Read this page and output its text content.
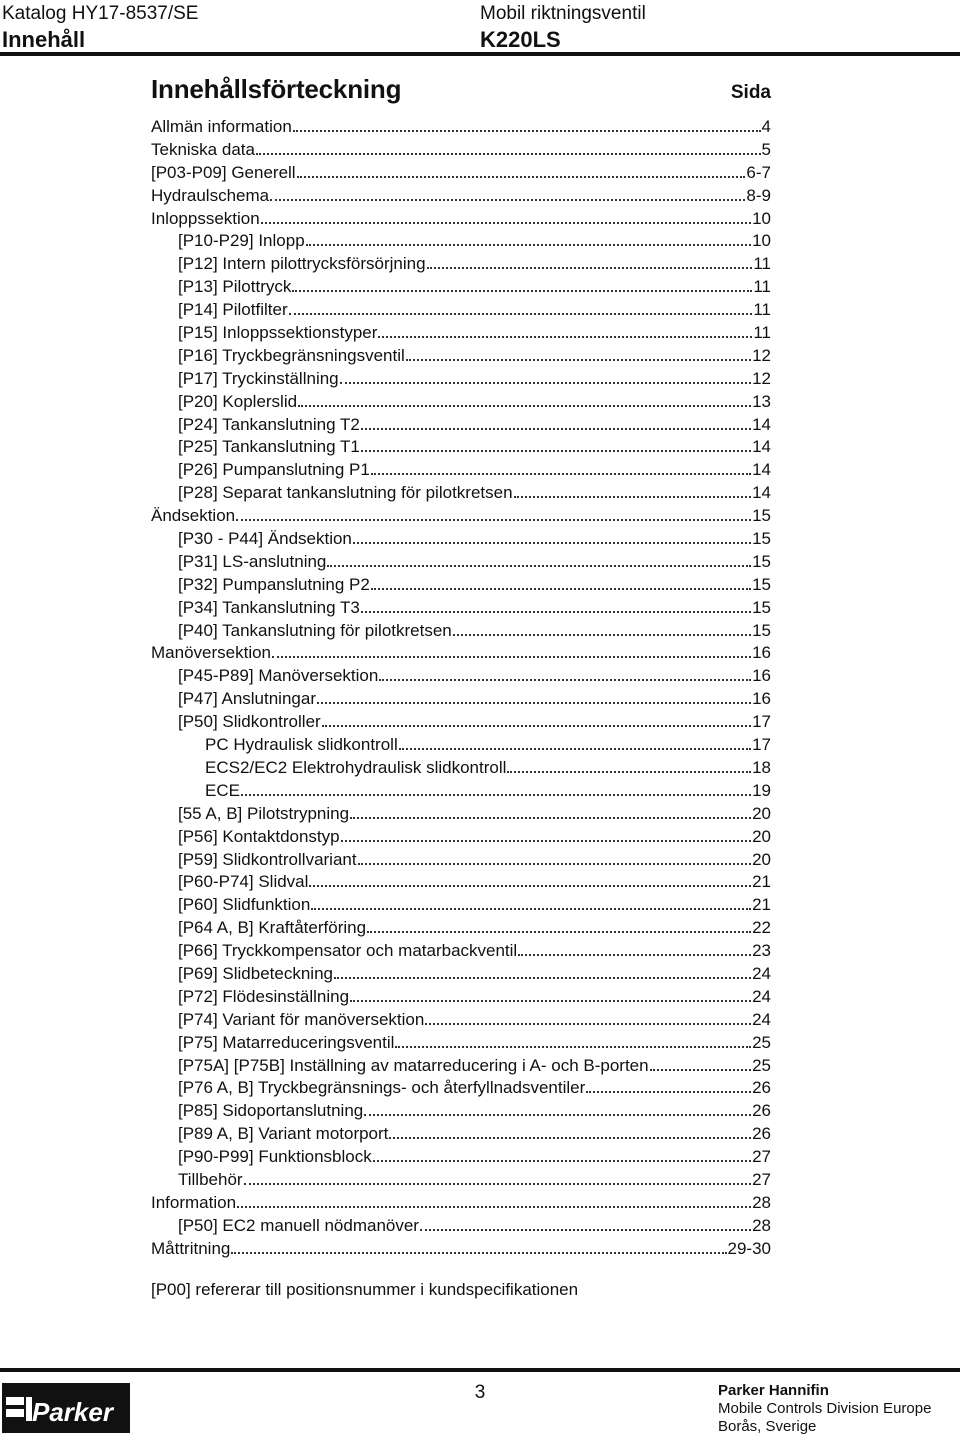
Katalog HY17-8537/SE
Innehåll
Mobil riktningsventil
K220LS
Innehållsförteckning	Sida
Allmän information	4
Tekniska data	5
[P03-P09] Generell	6-7
Hydraulschema	8-9
Inloppssektion	10
[P10-P29] Inlopp	10
[P12] Intern pilottrycksförsörjning	11
[P13] Pilottryck	11
[P14] Pilotfilter	11
[P15] Inloppssektionstyper	11
[P16] Tryckbegränsningsventil	12
[P17] Tryckinställning	12
[P20] Koplerslid	13
[P24] Tankanslutning T2	14
[P25] Tankanslutning T1	14
[P26] Pumpanslutning P1	14
[P28] Separat tankanslutning för pilotkretsen	14
Ändsektion	15
[P30 - P44] Ändsektion	15
[P31] LS-anslutning	15
[P32] Pumpanslutning P2	15
[P34] Tankanslutning T3	15
[P40] Tankanslutning för pilotkretsen	15
Manöversektion	16
[P45-P89] Manöversektion	16
[P47] Anslutningar	16
[P50] Slidkontroller	17
PC Hydraulisk slidkontroll	17
ECS2/EC2 Elektrohydraulisk slidkontroll	18
ECE	19
[55 A, B] Pilotstrypning	20
[P56] Kontaktdonstyp	20
[P59] Slidkontrollvariant	20
[P60-P74] Slidval	21
[P60] Slidfunktion	21
[P64 A, B] Kraftåterföring	22
[P66] Tryckkompensator och matarbackventil	23
[P69] Slidbeteckning	24
[P72] Flödesinställning	24
[P74] Variant för manöversektion	24
[P75] Matarreduceringsventil	25
[P75A] [P75B] Inställning av matarreducering i A- och B-porten	25
[P76 A, B] Tryckbegränsnings- och återfyllnadsventiler	26
[P85] Sidoportanslutning	26
[P89 A, B] Variant motorport	26
[P90-P99] Funktionsblock	27
Tillbehör	27
Information	28
[P50] EC2 manuell nödmanöver	28
Måttritning	29-30
[P00] refererar till positionsnummer i kundspecifikationen
Parker
3	Parker Hannifin
Mobile Controls Division Europe
Borås, Sverige
